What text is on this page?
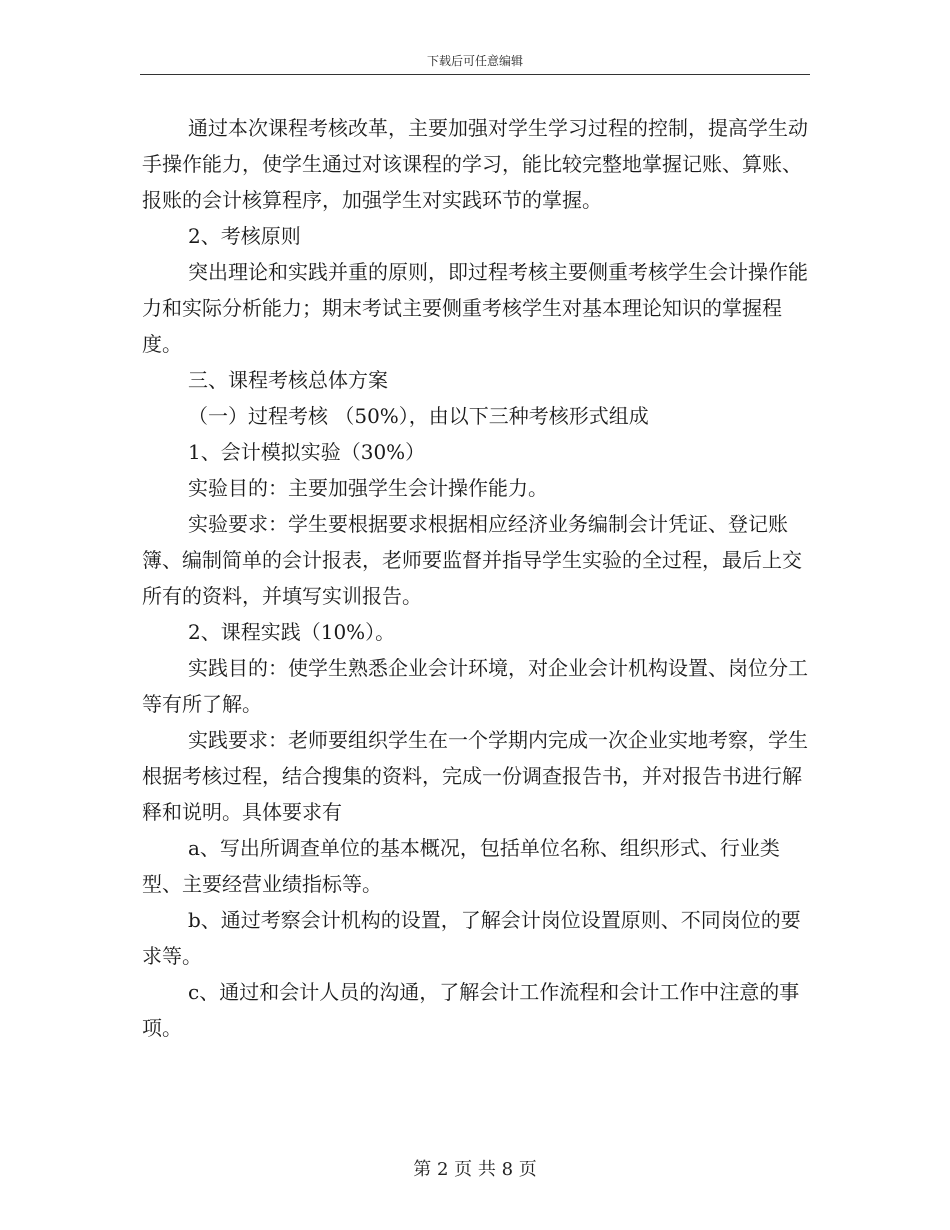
下载后可任意编辑

通过本次课程考核改革，主要加强对学生学习过程的控制，提高学生动手操作能力，使学生通过对该课程的学习，能比较完整地掌握记账、算账、报账的会计核算程序，加强学生对实践环节的掌握。

2、考核原则

突出理论和实践并重的原则，即过程考核主要侧重考核学生会计操作能力和实际分析能力；期末考试主要侧重考核学生对基本理论知识的掌握程度。

三、课程考核总体方案

（一）过程考核 （50%），由以下三种考核形式组成

1、会计模拟实验（30%）

实验目的：主要加强学生会计操作能力。

实验要求：学生要根据要求根据相应经济业务编制会计凭证、登记账簿、编制简单的会计报表，老师要监督并指导学生实验的全过程，最后上交所有的资料，并填写实训报告。

2、课程实践（10%）。

实践目的：使学生熟悉企业会计环境，对企业会计机构设置、岗位分工等有所了解。

实践要求：老师要组织学生在一个学期内完成一次企业实地考察，学生根据考核过程，结合搜集的资料，完成一份调查报告书，并对报告书进行解释和说明。具体要求有

a、写出所调查单位的基本概况，包括单位名称、组织形式、行业类型、主要经营业绩指标等。

b、通过考察会计机构的设置，了解会计岗位设置原则、不同岗位的要求等。

c、通过和会计人员的沟通，了解会计工作流程和会计工作中注意的事项。

第 2 页 共 8 页
